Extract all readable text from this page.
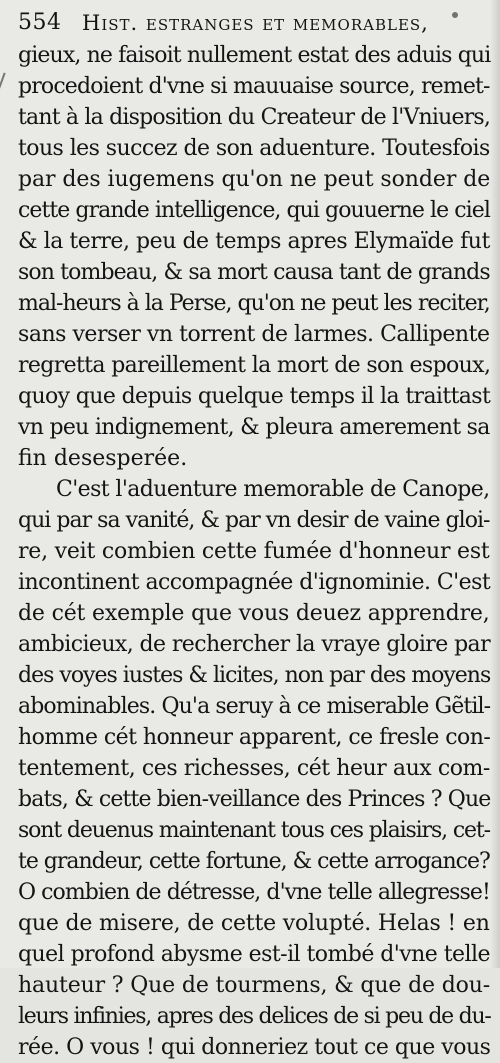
554 Hist. estranges et memorables,
gieux, ne faisoit nullement estat des aduis qui
procedoient d'vne si mauuaise source, remet-
tant à la disposition du Createur de l'Vniuers,
tous les succez de son aduenture. Toutesfois
par des iugemens qu'on ne peut sonder de
cette grande intelligence, qui gouuerne le ciel
& la terre, peu de temps apres Elymaïde fut
son tombeau, & sa mort causa tant de grands
mal-heurs à la Perse, qu'on ne peut les reciter,
sans verser vn torrent de larmes. Callipente
regretta pareillement la mort de son espoux,
quoy que depuis quelque temps il la traittast
vn peu indignement, & pleura amerement sa
fin desesperée.
C'est l'aduenture memorable de Canope,
qui par sa vanité, & par vn desir de vaine gloi-
re, veit combien cette fumée d'honneur est
incontinent accompagnée d'ignominie. C'est
de cét exemple que vous deuez apprendre,
ambicieux, de rechercher la vraye gloire par
des voyes iustes & licites, non par des moyens
abominables. Qu'a seruy à ce miserable Gẽtil-
homme cét honneur apparent, ce fresle con-
tentement, ces richesses, cét heur aux com-
bats, & cette bien-veillance des Princes ? Que
sont deuenus maintenant tous ces plaisirs, cet-
te grandeur, cette fortune, & cette arrogance?
O combien de détresse, d'vne telle allegresse!
que de misere, de cette volupté. Helas ! en
quel profond abysme est-il tombé d'vne telle
hauteur ? Que de tourmens, & que de dou-
leurs infinies, apres des delices de si peu de du-
rée. O vous ! qui donneriez tout ce que vous
